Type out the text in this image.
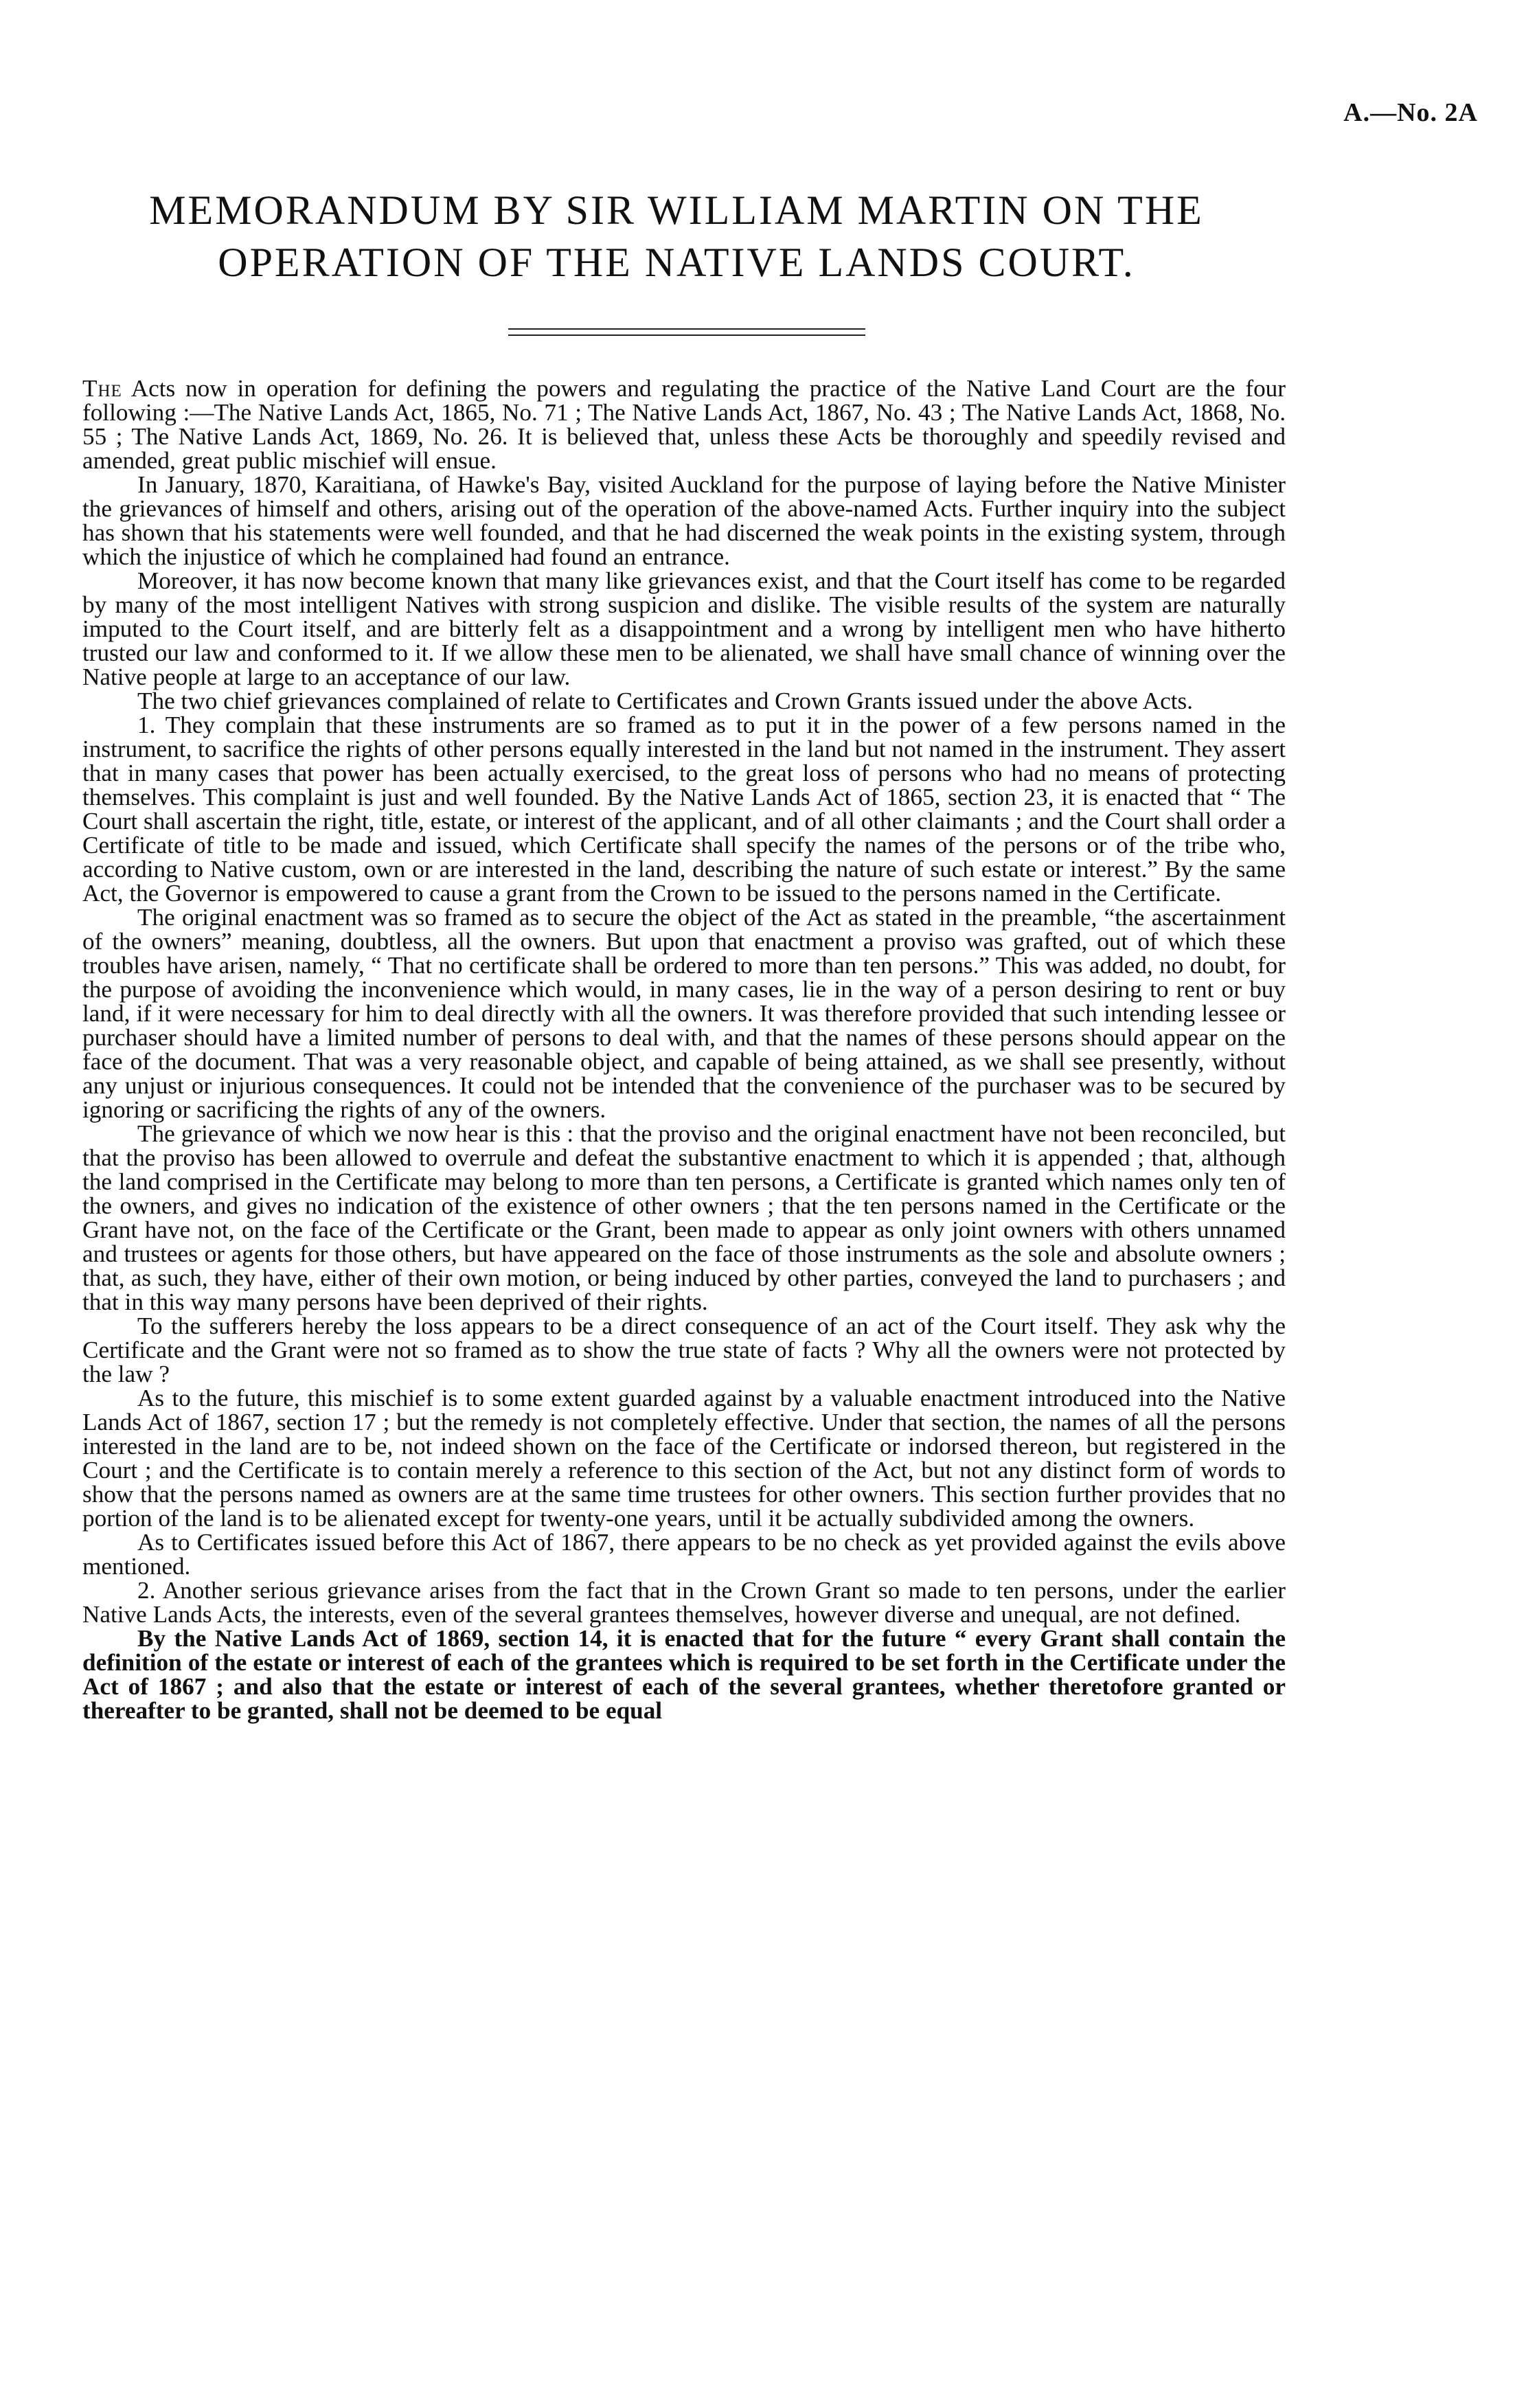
A.—No. 2A
MEMORANDUM BY SIR WILLIAM MARTIN ON THE OPERATION OF THE NATIVE LANDS COURT.

The Acts now in operation for defining the powers and regulating the practice of the Native Land Court are the four following :—The Native Lands Act, 1865, No. 71 ; The Native Lands Act, 1867, No. 43 ; The Native Lands Act, 1868, No. 55 ; The Native Lands Act, 1869, No. 26. It is believed that, unless these Acts be thoroughly and speedily revised and amended, great public mischief will ensue.

In January, 1870, Karaitiana, of Hawke's Bay, visited Auckland for the purpose of laying before the Native Minister the grievances of himself and others, arising out of the operation of the above-named Acts. Further inquiry into the subject has shown that his statements were well founded, and that he had discerned the weak points in the existing system, through which the injustice of which he complained had found an entrance.

Moreover, it has now become known that many like grievances exist, and that the Court itself has come to be regarded by many of the most intelligent Natives with strong suspicion and dislike. The visible results of the system are naturally imputed to the Court itself, and are bitterly felt as a disappointment and a wrong by intelligent men who have hitherto trusted our law and conformed to it. If we allow these men to be alienated, we shall have small chance of winning over the Native people at large to an acceptance of our law.

The two chief grievances complained of relate to Certificates and Crown Grants issued under the above Acts.

1. They complain that these instruments are so framed as to put it in the power of a few persons named in the instrument, to sacrifice the rights of other persons equally interested in the land but not named in the instrument. They assert that in many cases that power has been actually exercised, to the great loss of persons who had no means of protecting themselves. This complaint is just and well founded. By the Native Lands Act of 1865, section 23, it is enacted that “ The Court shall ascertain the right, title, estate, or interest of the applicant, and of all other claimants ; and the Court shall order a Certificate of title to be made and issued, which Certificate shall specify the names of the persons or of the tribe who, according to Native custom, own or are interested in the land, describing the nature of such estate or interest.” By the same Act, the Governor is empowered to cause a grant from the Crown to be issued to the persons named in the Certificate.

The original enactment was so framed as to secure the object of the Act as stated in the preamble, “the ascertainment of the owners” meaning, doubtless, all the owners. But upon that enactment a proviso was grafted, out of which these troubles have arisen, namely, “ That no certificate shall be ordered to more than ten persons.” This was added, no doubt, for the purpose of avoiding the inconvenience which would, in many cases, lie in the way of a person desiring to rent or buy land, if it were necessary for him to deal directly with all the owners. It was therefore provided that such intending lessee or purchaser should have a limited number of persons to deal with, and that the names of these persons should appear on the face of the document. That was a very reasonable object, and capable of being attained, as we shall see presently, without any unjust or injurious consequences. It could not be intended that the convenience of the purchaser was to be secured by ignoring or sacrificing the rights of any of the owners.

The grievance of which we now hear is this : that the proviso and the original enactment have not been reconciled, but that the proviso has been allowed to overrule and defeat the substantive enactment to which it is appended ; that, although the land comprised in the Certificate may belong to more than ten persons, a Certificate is granted which names only ten of the owners, and gives no indication of the existence of other owners ; that the ten persons named in the Certificate or the Grant have not, on the face of the Certificate or the Grant, been made to appear as only joint owners with others unnamed and trustees or agents for those others, but have appeared on the face of those instruments as the sole and absolute owners ; that, as such, they have, either of their own motion, or being induced by other parties, conveyed the land to purchasers ; and that in this way many persons have been deprived of their rights.

To the sufferers hereby the loss appears to be a direct consequence of an act of the Court itself. They ask why the Certificate and the Grant were not so framed as to show the true state of facts ? Why all the owners were not protected by the law ?

As to the future, this mischief is to some extent guarded against by a valuable enactment introduced into the Native Lands Act of 1867, section 17 ; but the remedy is not completely effective. Under that section, the names of all the persons interested in the land are to be, not indeed shown on the face of the Certificate or indorsed thereon, but registered in the Court ; and the Certificate is to contain merely a reference to this section of the Act, but not any distinct form of words to show that the persons named as owners are at the same time trustees for other owners. This section further provides that no portion of the land is to be alienated except for twenty-one years, until it be actually subdivided among the owners.

As to Certificates issued before this Act of 1867, there appears to be no check as yet provided against the evils above mentioned.

2. Another serious grievance arises from the fact that in the Crown Grant so made to ten persons, under the earlier Native Lands Acts, the interests, even of the several grantees themselves, however diverse and unequal, are not defined.

By the Native Lands Act of 1869, section 14, it is enacted that for the future “ every Grant shall contain the definition of the estate or interest of each of the grantees which is required to be set forth in the Certificate under the Act of 1867 ; and also that the estate or interest of each of the several grantees, whether theretofore granted or thereafter to be granted, shall not be deemed to be equal
